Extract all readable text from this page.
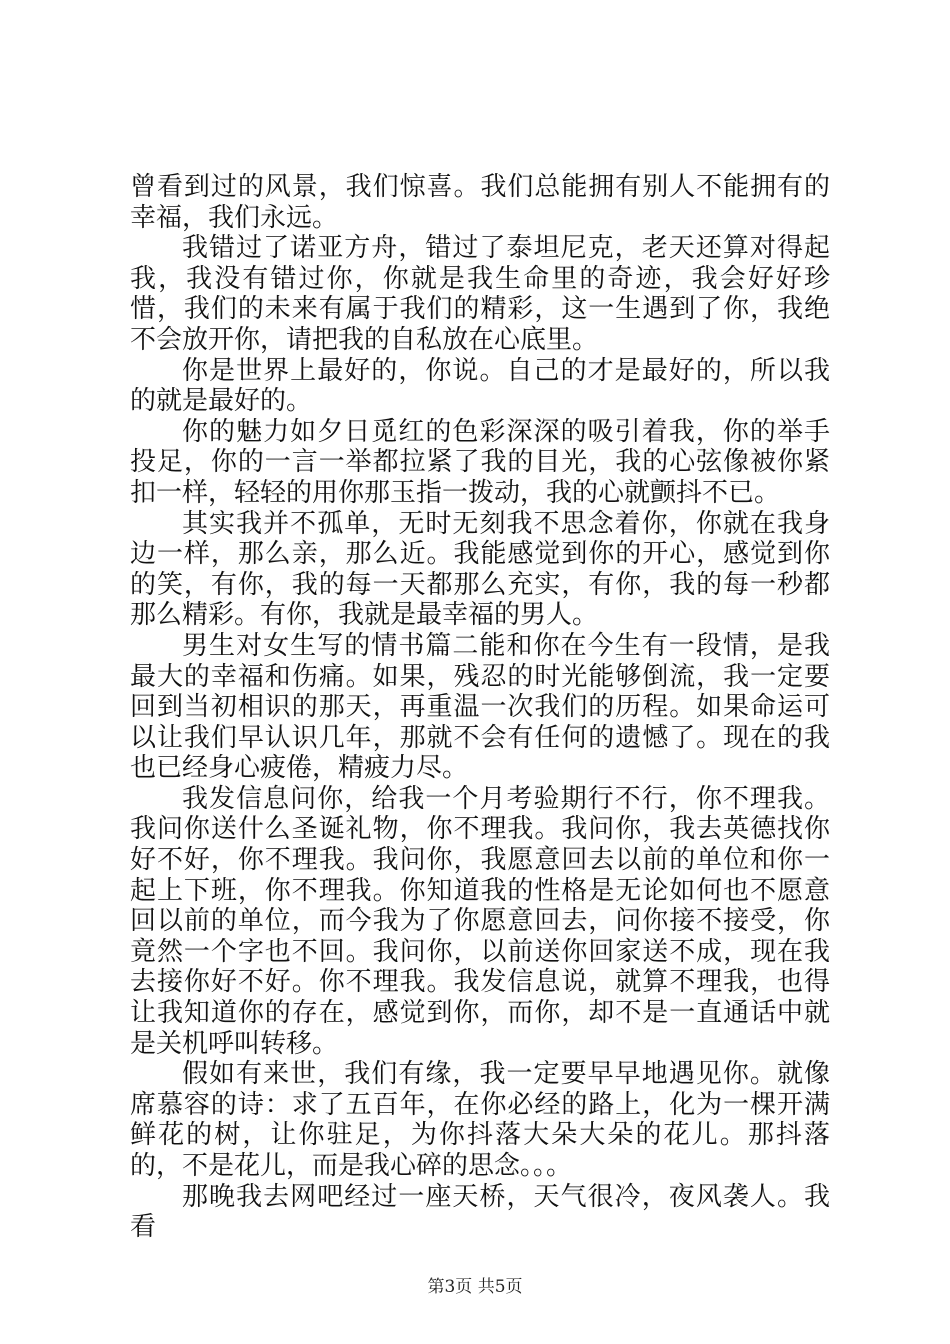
曾看到过的风景，我们惊喜。我们总能拥有别人不能拥有的幸福，我们永远。

我错过了诺亚方舟，错过了泰坦尼克，老天还算对得起我，我没有错过你，你就是我生命里的奇迹，我会好好珍惜，我们的未来有属于我们的精彩，这一生遇到了你，我绝不会放开你，请把我的自私放在心底里。

你是世界上最好的，你说。自己的才是最好的，所以我的就是最好的。

你的魅力如夕日觅红的色彩深深的吸引着我，你的举手投足，你的一言一举都拉紧了我的目光，我的心弦像被你紧扣一样，轻轻的用你那玉指一拨动，我的心就颤抖不已。

其实我并不孤单，无时无刻我不思念着你，你就在我身边一样，那么亲，那么近。我能感觉到你的开心，感觉到你的笑，有你，我的每一天都那么充实，有你，我的每一秒都那么精彩。有你，我就是最幸福的男人。

男生对女生写的情书篇二能和你在今生有一段情，是我最大的幸福和伤痛。如果，残忍的时光能够倒流，我一定要回到当初相识的那天，再重温一次我们的历程。如果命运可以让我们早认识几年，那就不会有任何的遗憾了。现在的我也已经身心疲倦，精疲力尽。

我发信息问你，给我一个月考验期行不行，你不理我。我问你送什么圣诞礼物，你不理我。我问你，我去英德找你好不好，你不理我。我问你，我愿意回去以前的单位和你一起上下班，你不理我。你知道我的性格是无论如何也不愿意回以前的单位，而今我为了你愿意回去，问你接不接受，你竟然一个字也不回。我问你，以前送你回家送不成，现在我去接你好不好。你不理我。我发信息说，就算不理我，也得让我知道你的存在，感觉到你，而你，却不是一直通话中就是关机呼叫转移。

假如有来世，我们有缘，我一定要早早地遇见你。就像席慕容的诗：求了五百年，在你必经的路上，化为一棵开满鲜花的树，让你驻足，为你抖落大朵大朵的花儿。那抖落的，不是花儿，而是我心碎的思念。。。

那晚我去网吧经过一座天桥，天气很冷，夜风袭人。我看

第3页 共5页
